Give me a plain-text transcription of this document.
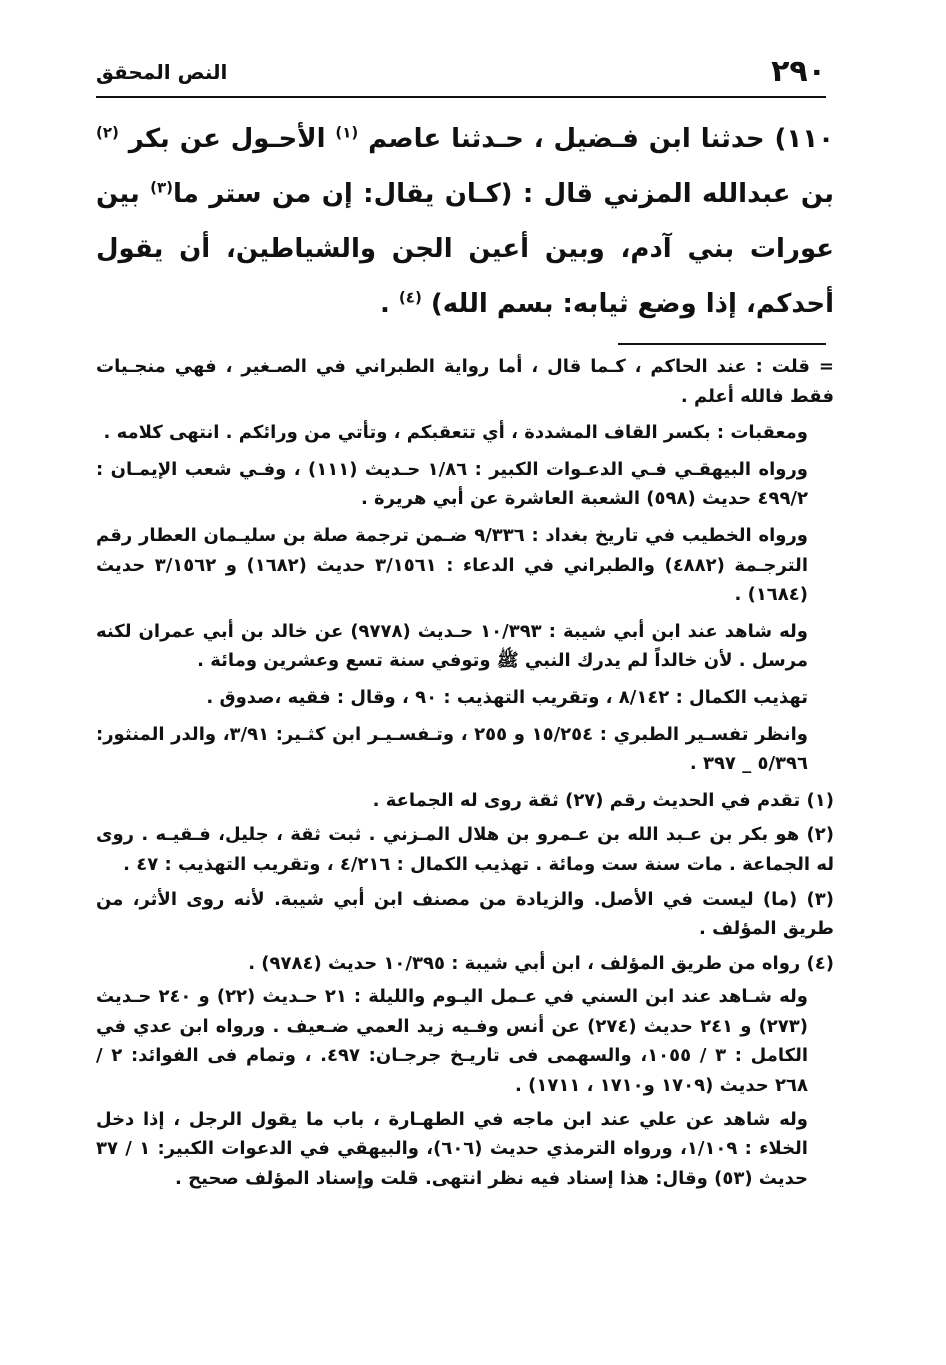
٢٩٠
النص المحقق

١١٠) حدثنا ابن فـضيل ، حـدثنا عاصم $^{(١)}$ الأحـول عن بكر $^{(٢)}$ بن عبدالله المزني قال : (كـان يقال: إن من ستر ما$^{(٣)}$ بين عورات بني آدم، وبين أعين الجن والشياطين، أن يقول أحدكم، إذا وضع ثيابه: بسم الله) $^{(٤)}$ .

= قلت : عند الحاكم ، كـما قال ، أما رواية الطبراني في الصـغير ، فهي منجـيات فقط فالله أعلم .

ومعقبات : بكسر القاف المشددة ، أي تتعقبكم ، وتأتي من ورائكم . انتهى كلامه .

ورواه البيهقـي فـي الدعـوات الكبير : ١/٨٦ حـديث (١١١) ، وفـي شعب الإيمـان : ٤٩٩/٢ حديث (٥٩٨) الشعبة العاشرة عن أبي هريرة .

ورواه الخطيب في تاريخ بغداد : ٩/٣٣٦ ضـمن ترجمة صلة بن سليـمان العطار رقم الترجـمة (٤٨٨٢) والطبراني في الدعاء : ٣/١٥٦١ حديث (١٦٨٢) و ٣/١٥٦٢ حديث (١٦٨٤) .

وله شاهد عند ابن أبي شيبة : ١٠/٣٩٣ حـديث (٩٧٧٨) عن خالد بن أبي عمران لكنه مرسل . لأن خالداً لم يدرك النبي ﷺ وتوفي سنة تسع وعشرين ومائة .

تهذيب الكمال : ٨/١٤٢ ، وتقريب التهذيب : ٩٠ ، وقال : فقيه ،صدوق .

وانظر تفسـير الطبري : ١٥/٢٥٤ و ٢٥٥ ، وتـفسـيـر ابن كثـير: ٣/٩١، والدر المنثور: ٥/٣٩٦ _ ٣٩٧ .

(١) تقدم في الحديث رقم (٢٧) ثقة روى له الجماعة .

(٢) هو بكر بن عـبد الله بن عـمرو بن هلال المـزني . ثبت ثقة ، جليل، فـقيـه . روى له الجماعة . مات سنة ست ومائة . تهذيب الكمال : ٤/٢١٦ ، وتقريب التهذيب : ٤٧ .

(٣) (ما) ليست في الأصل. والزيادة من مصنف ابن أبي شيبة. لأنه روى الأثر، من طريق المؤلف .

(٤) رواه من طريق المؤلف ، ابن أبي شيبة : ١٠/٣٩٥ حديث (٩٧٨٤) .

وله شـاهد عند ابن السني في عـمل اليـوم والليلة : ٢١ حـديث (٢٢) و ٢٤٠ حـديث (٢٧٣) و ٢٤١ حديث (٢٧٤) عن أنس وفـيه زيد العمي ضـعيف . ورواه ابن عدي في الكامل : ٣ / ١٠٥٥، والسهمى فى تاريـخ جرجـان: ٤٩٧. ، وتمام فى الفوائد: ٢ / ٢٦٨ حديث (١٧٠٩ و١٧١٠ ، ١٧١١) .

وله شاهد عن علي عند ابن ماجه في الطهـارة ، باب ما يقول الرجل ، إذا دخل الخلاء : ١/١٠٩، ورواه الترمذي حديث (٦٠٦)، والبيهقي في الدعوات الكبير: ١ / ٣٧ حديث (٥٣) وقال: هذا إسناد فيه نظر انتهى. قلت وإسناد المؤلف صحيح .
